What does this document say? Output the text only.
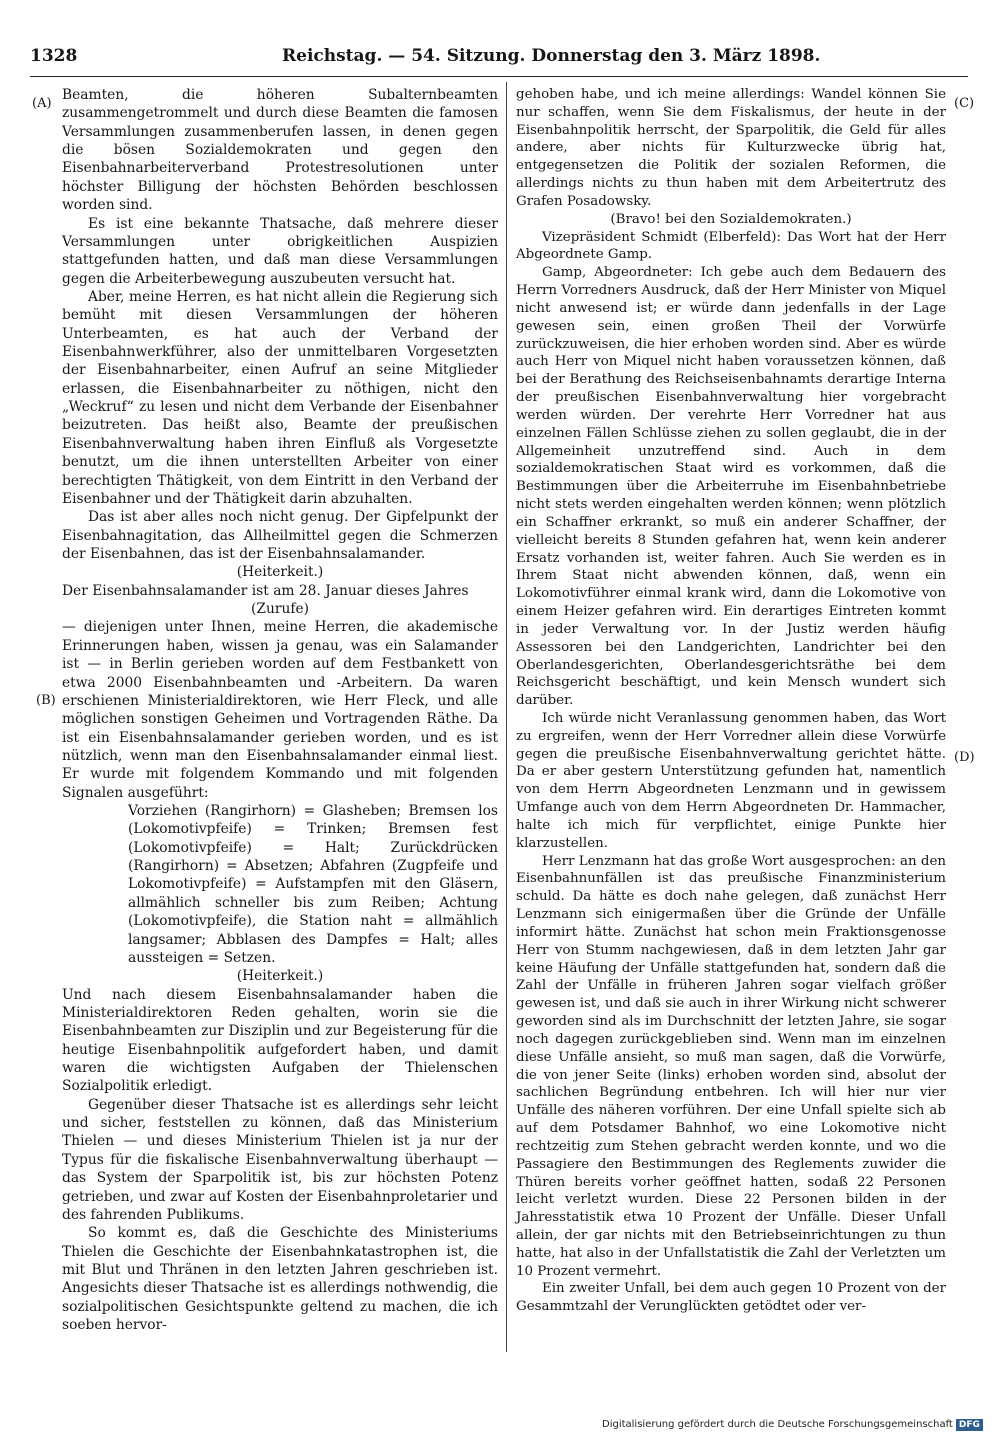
1328	Reichstag. — 54. Sitzung. Donnerstag den 3. März 1898.
(A)
(B)
(C)
(D)

Beamten, die höheren Subalternbeamten zusammengetrommelt und durch diese Beamten die famosen Versammlungen zusammenberufen lassen, in denen gegen die bösen Sozialdemokraten und gegen den Eisenbahnarbeiterverband Protestresolutionen unter höchster Billigung der höchsten Behörden beschlossen worden sind.

Es ist eine bekannte Thatsache, daß mehrere dieser Versammlungen unter obrigkeitlichen Auspizien stattgefunden hatten, und daß man diese Versammlungen gegen die Arbeiterbewegung auszubeuten versucht hat.

Aber, meine Herren, es hat nicht allein die Regierung sich bemüht mit diesen Versammlungen der höheren Unterbeamten, es hat auch der Verband der Eisenbahnwerkführer, also der unmittelbaren Vorgesetzten der Eisenbahnarbeiter, einen Aufruf an seine Mitglieder erlassen, die Eisenbahnarbeiter zu nöthigen, nicht den „Weckruf“ zu lesen und nicht dem Verbande der Eisenbahner beizutreten. Das heißt also, Beamte der preußischen Eisenbahnverwaltung haben ihren Einfluß als Vorgesetzte benutzt, um die ihnen unterstellten Arbeiter von einer berechtigten Thätigkeit, von dem Eintritt in den Verband der Eisenbahner und der Thätigkeit darin abzuhalten.

Das ist aber alles noch nicht genug. Der Gipfelpunkt der Eisenbahnagitation, das Allheilmittel gegen die Schmerzen der Eisenbahnen, das ist der Eisenbahnsalamander.

(Heiterkeit.)

Der Eisenbahnsalamander ist am 28. Januar dieses Jahres

(Zurufe)

— diejenigen unter Ihnen, meine Herren, die akademische Erinnerungen haben, wissen ja genau, was ein Salamander ist — in Berlin gerieben worden auf dem Festbankett von etwa 2000 Eisenbahnbeamten und -Arbeitern. Da waren erschienen Ministerialdirektoren, wie Herr Fleck, und alle möglichen sonstigen Geheimen und Vortragenden Räthe. Da ist ein Eisenbahnsalamander gerieben worden, und es ist nützlich, wenn man den Eisenbahnsalamander einmal liest. Er wurde mit folgendem Kommando und mit folgenden Signalen ausgeführt:

Vorziehen (Rangirhorn) = Glasheben; Bremsen los (Lokomotivpfeife) = Trinken; Bremsen fest (Lokomotivpfeife) = Halt; Zurückdrücken (Rangirhorn) = Absetzen; Abfahren (Zugpfeife und Lokomotivpfeife) = Aufstampfen mit den Gläsern, allmählich schneller bis zum Reiben; Achtung (Lokomotivpfeife), die Station naht = allmählich langsamer; Abblasen des Dampfes = Halt; alles aussteigen = Setzen.

(Heiterkeit.)

Und nach diesem Eisenbahnsalamander haben die Ministerialdirektoren Reden gehalten, worin sie die Eisenbahnbeamten zur Disziplin und zur Begeisterung für die heutige Eisenbahnpolitik aufgefordert haben, und damit waren die wichtigsten Aufgaben der Thielenschen Sozialpolitik erledigt.

Gegenüber dieser Thatsache ist es allerdings sehr leicht und sicher, feststellen zu können, daß das Ministerium Thielen — und dieses Ministerium Thielen ist ja nur der Typus für die fiskalische Eisenbahnverwaltung überhaupt — das System der Sparpolitik ist, bis zur höchsten Potenz getrieben, und zwar auf Kosten der Eisenbahnproletarier und des fahrenden Publikums.

So kommt es, daß die Geschichte des Ministeriums Thielen die Geschichte der Eisenbahnkatastrophen ist, die mit Blut und Thränen in den letzten Jahren geschrieben ist. Angesichts dieser Thatsache ist es allerdings nothwendig, die sozialpolitischen Gesichtspunkte geltend zu machen, die ich soeben hervor-

gehoben habe, und ich meine allerdings: Wandel können Sie nur schaffen, wenn Sie dem Fiskalismus, der heute in der Eisenbahnpolitik herrscht, der Sparpolitik, die Geld für alles andere, aber nichts für Kulturzwecke übrig hat, entgegensetzen die Politik der sozialen Reformen, die allerdings nichts zu thun haben mit dem Arbeitertrutz des Grafen Posadowsky.

(Bravo! bei den Sozialdemokraten.)

Vizepräsident Schmidt (Elberfeld): Das Wort hat der Herr Abgeordnete Gamp.

Gamp, Abgeordneter: Ich gebe auch dem Bedauern des Herrn Vorredners Ausdruck, daß der Herr Minister von Miquel nicht anwesend ist; er würde dann jedenfalls in der Lage gewesen sein, einen großen Theil der Vorwürfe zurückzuweisen, die hier erhoben worden sind. Aber es würde auch Herr von Miquel nicht haben voraussetzen können, daß bei der Berathung des Reichseisenbahnamts derartige Interna der preußischen Eisenbahnverwaltung hier vorgebracht werden würden. Der verehrte Herr Vorredner hat aus einzelnen Fällen Schlüsse ziehen zu sollen geglaubt, die in der Allgemeinheit unzutreffend sind. Auch in dem sozialdemokratischen Staat wird es vorkommen, daß die Bestimmungen über die Arbeiterruhe im Eisenbahnbetriebe nicht stets werden eingehalten werden können; wenn plötzlich ein Schaffner erkrankt, so muß ein anderer Schaffner, der vielleicht bereits 8 Stunden gefahren hat, wenn kein anderer Ersatz vorhanden ist, weiter fahren. Auch Sie werden es in Ihrem Staat nicht abwenden können, daß, wenn ein Lokomotivführer einmal krank wird, dann die Lokomotive von einem Heizer gefahren wird. Ein derartiges Eintreten kommt in jeder Verwaltung vor. In der Justiz werden häufig Assessoren bei den Landgerichten, Landrichter bei den Oberlandesgerichten, Oberlandesgerichtsräthe bei dem Reichsgericht beschäftigt, und kein Mensch wundert sich darüber.

Ich würde nicht Veranlassung genommen haben, das Wort zu ergreifen, wenn der Herr Vorredner allein diese Vorwürfe gegen die preußische Eisenbahnverwaltung gerichtet hätte. Da er aber gestern Unterstützung gefunden hat, namentlich von dem Herrn Abgeordneten Lenzmann und in gewissem Umfange auch von dem Herrn Abgeordneten Dr. Hammacher, halte ich mich für verpflichtet, einige Punkte hier klarzustellen.

Herr Lenzmann hat das große Wort ausgesprochen: an den Eisenbahnunfällen ist das preußische Finanzministerium schuld. Da hätte es doch nahe gelegen, daß zunächst Herr Lenzmann sich einigermaßen über die Gründe der Unfälle informirt hätte. Zunächst hat schon mein Fraktionsgenosse Herr von Stumm nachgewiesen, daß in dem letzten Jahr gar keine Häufung der Unfälle stattgefunden hat, sondern daß die Zahl der Unfälle in früheren Jahren sogar vielfach größer gewesen ist, und daß sie auch in ihrer Wirkung nicht schwerer geworden sind als im Durchschnitt der letzten Jahre, sie sogar noch dagegen zurückgeblieben sind. Wenn man im einzelnen diese Unfälle ansieht, so muß man sagen, daß die Vorwürfe, die von jener Seite (links) erhoben worden sind, absolut der sachlichen Begründung entbehren. Ich will hier nur vier Unfälle des näheren vorführen. Der eine Unfall spielte sich ab auf dem Potsdamer Bahnhof, wo eine Lokomotive nicht rechtzeitig zum Stehen gebracht werden konnte, und wo die Passagiere den Bestimmungen des Reglements zuwider die Thüren bereits vorher geöffnet hatten, sodaß 22 Personen leicht verletzt wurden. Diese 22 Personen bilden in der Jahresstatistik etwa 10 Prozent der Unfälle. Dieser Unfall allein, der gar nichts mit den Betriebseinrichtungen zu thun hatte, hat also in der Unfallstatistik die Zahl der Verletzten um 10 Prozent vermehrt.

Ein zweiter Unfall, bei dem auch gegen 10 Prozent von der Gesammtzahl der Verunglückten getödtet oder ver-

Digitalisierung gefördert durch die Deutsche Forschungsgemeinschaft DFG
